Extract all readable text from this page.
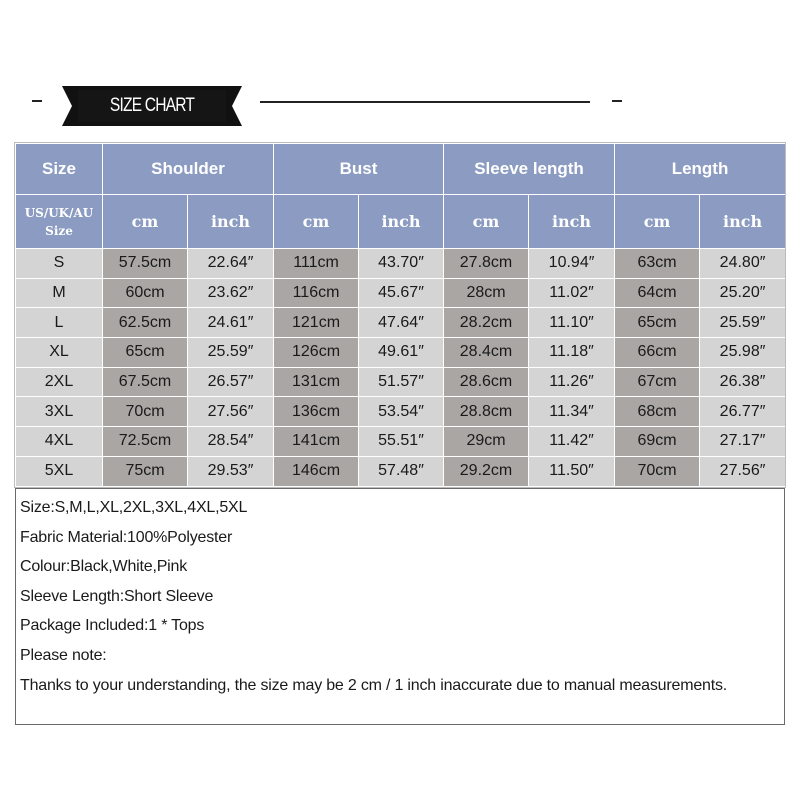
SIZE CHART
Size	Shoulder		Bust		Sleeve length		Length	
US/UK/AU Size	cm	inch	cm	inch	cm	inch	cm	inch
S	57.5cm	22.64″	111cm	43.70″	27.8cm	10.94″	63cm	24.80″
M	60cm	23.62″	116cm	45.67″	28cm	11.02″	64cm	25.20″
L	62.5cm	24.61″	121cm	47.64″	28.2cm	11.10″	65cm	25.59″
XL	65cm	25.59″	126cm	49.61″	28.4cm	11.18″	66cm	25.98″
2XL	67.5cm	26.57″	131cm	51.57″	28.6cm	11.26″	67cm	26.38″
3XL	70cm	27.56″	136cm	53.54″	28.8cm	11.34″	68cm	26.77″
4XL	72.5cm	28.54″	141cm	55.51″	29cm	11.42″	69cm	27.17″
5XL	75cm	29.53″	146cm	57.48″	29.2cm	11.50″	70cm	27.56″
Size:S,M,L,XL,2XL,3XL,4XL,5XL
Fabric Material:100%Polyester
Colour:Black,White,Pink
Sleeve Length:Short Sleeve
Package Included:1 * Tops
Please note:
Thanks to your understanding, the size may be 2 cm / 1 inch inaccurate due to manual measurements.
